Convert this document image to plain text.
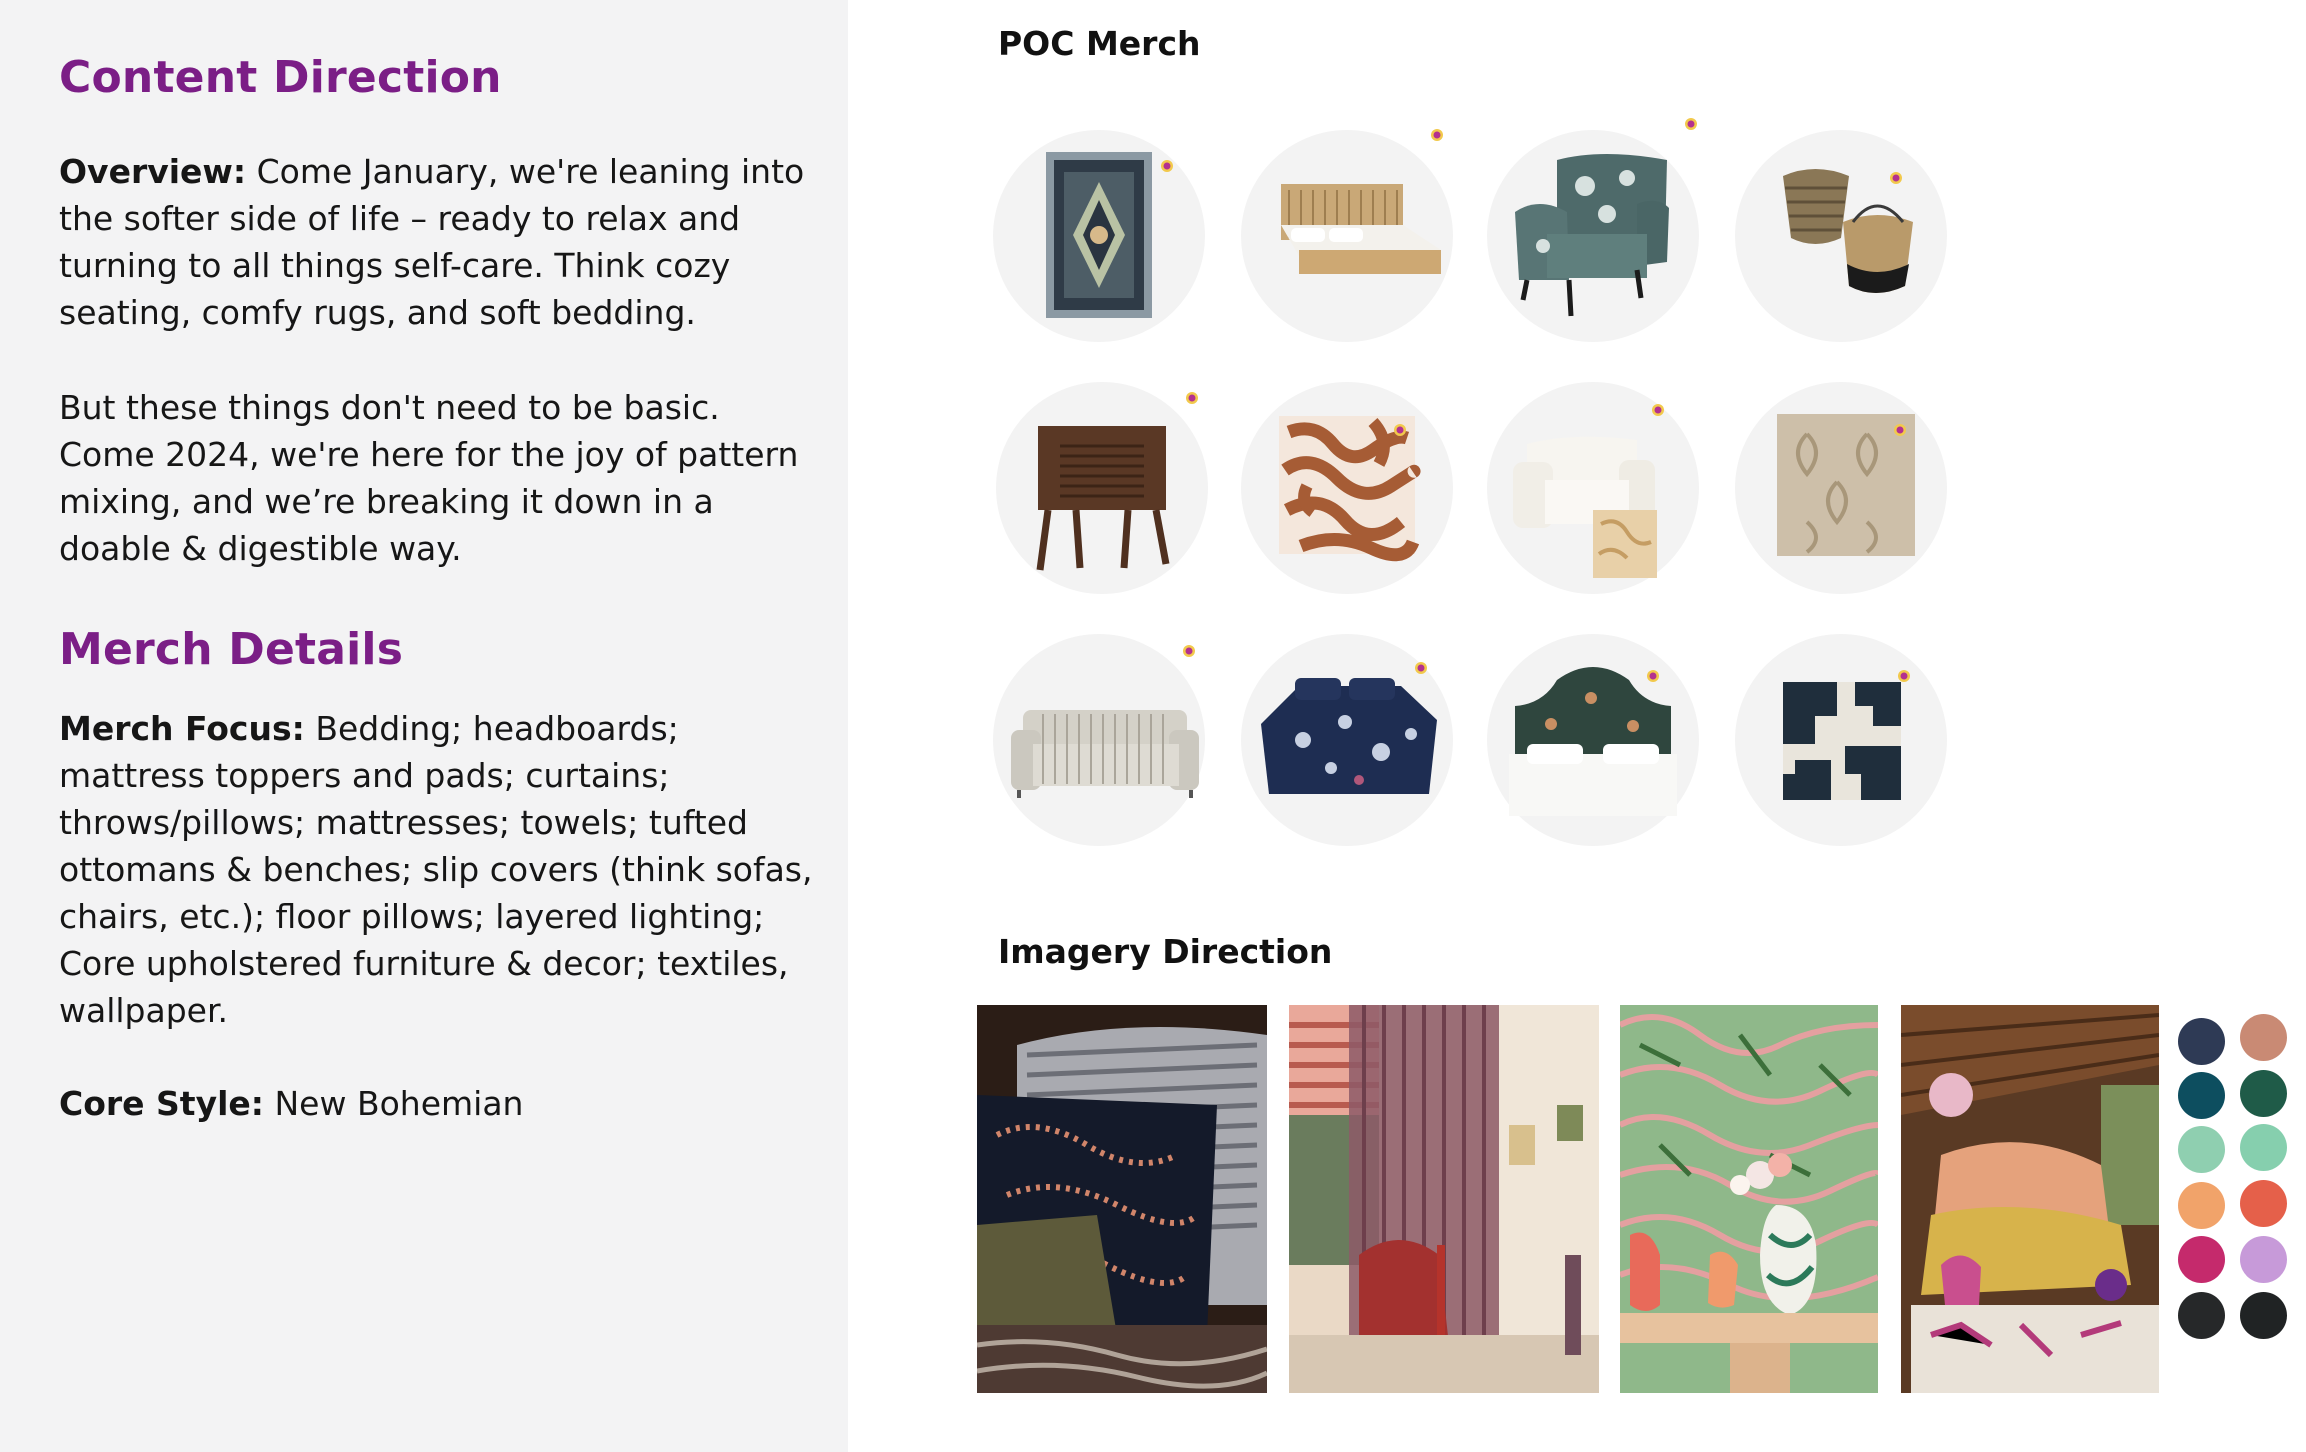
Content Direction
Overview: Come January, we're leaning into the softer side of life – ready to relax and turning to all things self-care. Think cozy seating, comfy rugs, and soft bedding.
But these things don't need to be basic. Come 2024, we're here for the joy of pattern mixing, and we’re breaking it down in a doable & digestible way.
Merch Details
Merch Focus: Bedding; headboards; mattress toppers and pads; curtains; throws/pillows; mattresses; towels; tufted ottomans & benches; slip covers (think sofas, chairs, etc.); floor pillows; layered lighting; Core upholstered furniture & decor; textiles, wallpaper.
Core Style: New Bohemian
POC Merch
Imagery Direction
